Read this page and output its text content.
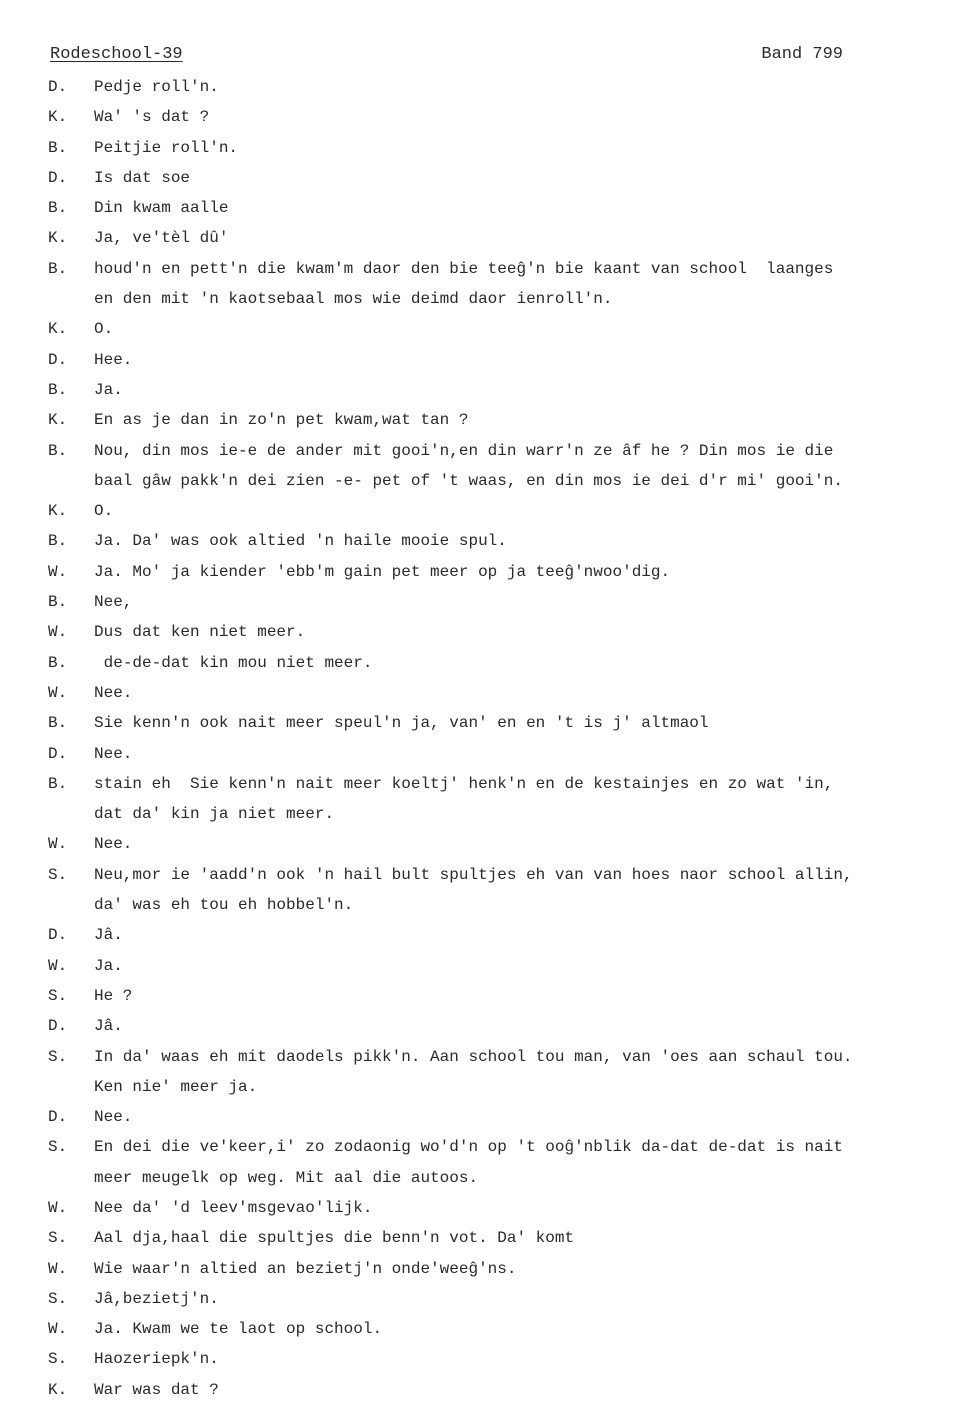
Rodeschool-39	Band 799
D.	Pedje roll'n.
K.	Wa' 's dat ?
B.	Peitjie roll'n.
D.	Is dat soe
B.	Din kwam aalle
K.	Ja, ve'tèl dû'
B.	houd'n en pett'n die kwam'm daor den bie teeĝ'n bie kaant van school  laanges
en den mit 'n kaotsebaal mos wie deimd daor ienroll'n.
K.	O.
D.	Hee.
B.	Ja.
K.	En as je dan in zo'n pet kwam,wat tan ?
B.	Nou, din mos ie-e de ander mit gooi'n,en din warr'n ze âf he ? Din mos ie die
baal gâw pakk'n dei zien -e- pet of 't waas, en din mos ie dei d'r mi' gooi'n.
K.	O.
B.	Ja. Da' was ook altied 'n haile mooie spul.
W.	Ja. Mo' ja kiender 'ebb'm gain pet meer op ja teeĝ'nwoo'dig.
B.	Nee,
W.	Dus dat ken niet meer.
B.	de-de-dat kin mou niet meer.
W.	Nee.
B.	Sie kenn'n ook nait meer speul'n ja, van' en en 't is j' altmaol
D.	Nee.
B.	stain eh  Sie kenn'n nait meer koeltj' henk'n en de kestainjes en zo wat 'in,
dat da' kin ja niet meer.
W.	Nee.
S.	Neu,mor ie 'aadd'n ook 'n hail bult spultjes eh van van hoes naor school allin,
da' was eh tou eh hobbel'n.
D.	Jâ.
W.	Ja.
S.	He ?
D.	Jâ.
S.	In da' waas eh mit daodels pikk'n. Aan school tou man, van 'oes aan schaul tou.
Ken nie' meer ja.
D.	Nee.
S.	En dei die ve'keer,i' zo zodaonig wo'd'n op 't ooĝ'nblik da-dat de-dat is nait
meer meugelk op weg. Mit aal die autoos.
W.	Nee da' 'd leev'msgevao'lijk.
S.	Aal dja,haal die spultjes die benn'n vot. Da' komt
W.	Wie waar'n altied an bezietj'n onde'weeĝ'ns.
S.	Jâ,bezietj'n.
W.	Ja. Kwam we te laot op school.
S.	Haozeriepk'n.
K.	War was dat ?
